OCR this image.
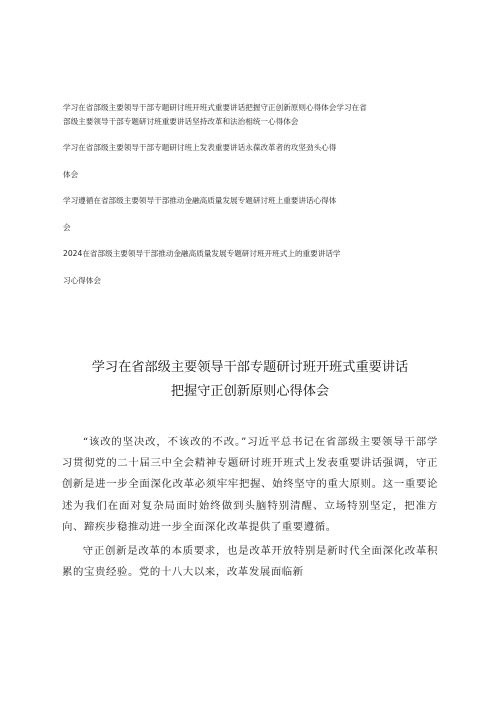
学习在省部级主要领导干部专题研讨班开班式重要讲话把握守正创新原则心得体会学习在省
部级主要领导干部专题研讨班重要讲话坚持改革和法治相统一心得体会
学习在省部级主要领导干部专题研讨班上发表重要讲话永葆改革者的攻坚劲头心得
体会
学习遵循在省部级主要领导干部推动金融高质量发展专题研讨班上重要讲话心得体
会
2024在省部级主要领导干部推动金融高质量发展专题研讨班开班式上的重要讲话学
习心得体会
学习在省部级主要领导干部专题研讨班开班式重要讲话
把握守正创新原则心得体会

“该改的坚决改，不该改的不改。”习近平总书记在省部级主要领导干部学习贯彻党的二十届三中全会精神专题研讨班开班式上发表重要讲话强调，守正创新是进一步全面深化改革必须牢牢把握、始终坚守的重大原则。这一重要论述为我们在面对复杂局面时始终做到头脑特别清醒、立场特别坚定，把准方向、蹄疾步稳推动进一步全面深化改革提供了重要遵循。

守正创新是改革的本质要求，也是改革开放特别是新时代全面深化改革积累的宝贵经验。党的十八大以来，改革发展面临新
